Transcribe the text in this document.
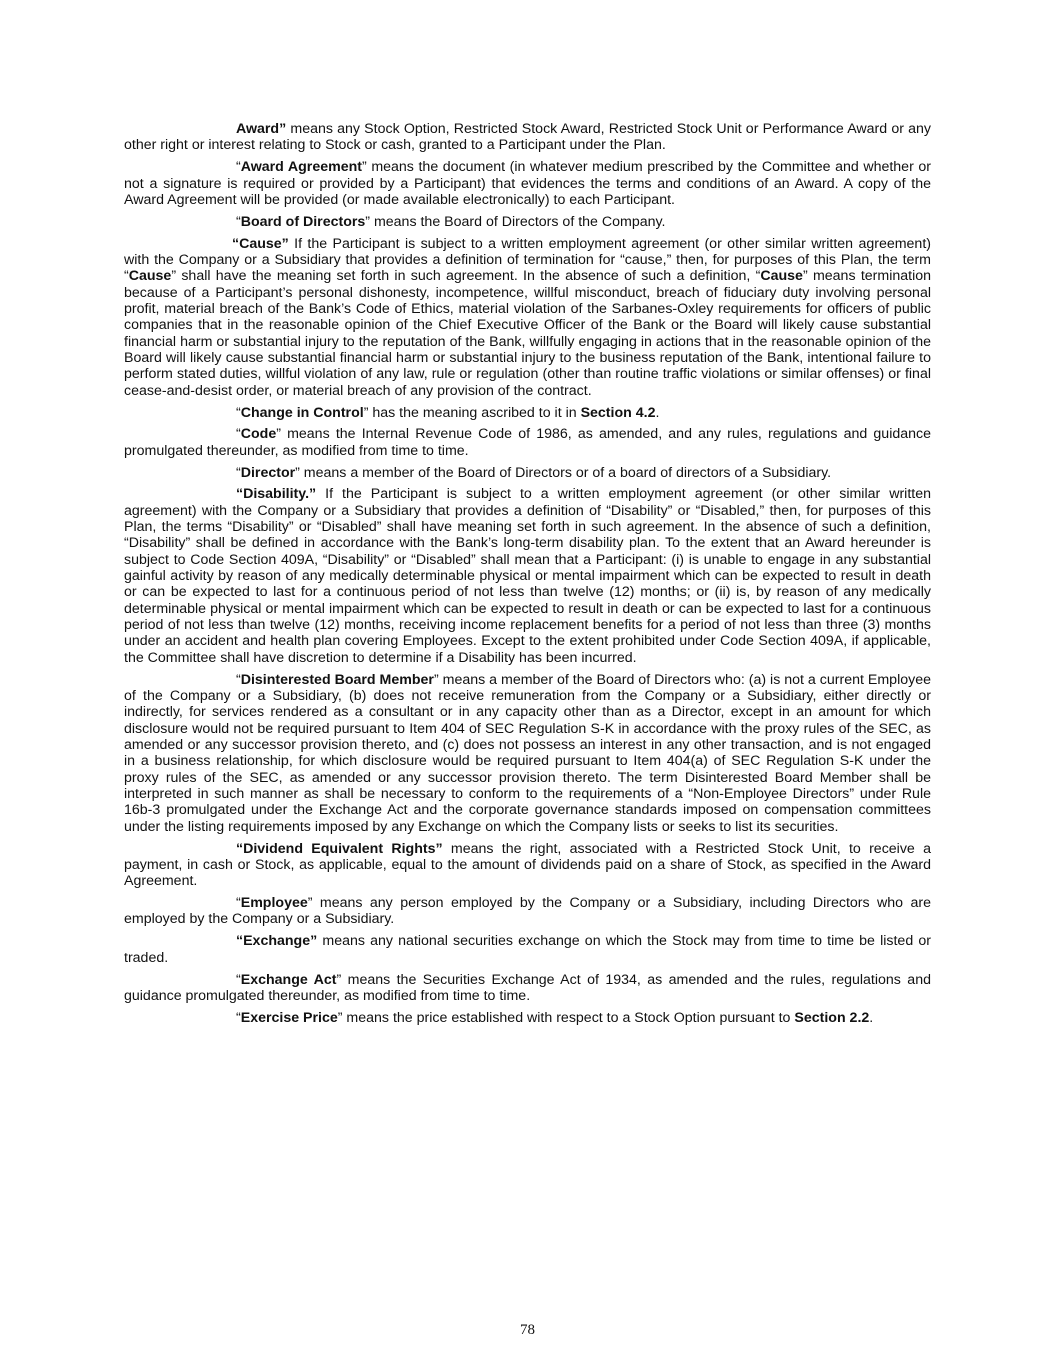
Award” means any Stock Option, Restricted Stock Award, Restricted Stock Unit or Performance Award or any other right or interest relating to Stock or cash, granted to a Participant under the Plan.

“Award Agreement” means the document (in whatever medium prescribed by the Committee and whether or not a signature is required or provided by a Participant) that evidences the terms and conditions of an Award. A copy of the Award Agreement will be provided (or made available electronically) to each Participant.

“Board of Directors” means the Board of Directors of the Company.

“Cause” If the Participant is subject to a written employment agreement (or other similar written agreement) with the Company or a Subsidiary that provides a definition of termination for “cause,” then, for purposes of this Plan, the term “Cause” shall have the meaning set forth in such agreement. In the absence of such a definition, “Cause” means termination because of a Participant’s personal dishonesty, incompetence, willful misconduct, breach of fiduciary duty involving personal profit, material breach of the Bank’s Code of Ethics, material violation of the Sarbanes-Oxley requirements for officers of public companies that in the reasonable opinion of the Chief Executive Officer of the Bank or the Board will likely cause substantial financial harm or substantial injury to the reputation of the Bank, willfully engaging in actions that in the reasonable opinion of the Board will likely cause substantial financial harm or substantial injury to the business reputation of the Bank, intentional failure to perform stated duties, willful violation of any law, rule or regulation (other than routine traffic violations or similar offenses) or final cease-and-desist order, or material breach of any provision of the contract.

“Change in Control” has the meaning ascribed to it in Section 4.2.

“Code” means the Internal Revenue Code of 1986, as amended, and any rules, regulations and guidance promulgated thereunder, as modified from time to time.

“Director” means a member of the Board of Directors or of a board of directors of a Subsidiary.

“Disability.” If the Participant is subject to a written employment agreement (or other similar written agreement) with the Company or a Subsidiary that provides a definition of “Disability” or “Disabled,” then, for purposes of this Plan, the terms “Disability” or “Disabled” shall have meaning set forth in such agreement. In the absence of such a definition, “Disability” shall be defined in accordance with the Bank’s long-term disability plan. To the extent that an Award hereunder is subject to Code Section 409A, “Disability” or “Disabled” shall mean that a Participant: (i) is unable to engage in any substantial gainful activity by reason of any medically determinable physical or mental impairment which can be expected to result in death or can be expected to last for a continuous period of not less than twelve (12) months; or (ii) is, by reason of any medically determinable physical or mental impairment which can be expected to result in death or can be expected to last for a continuous period of not less than twelve (12) months, receiving income replacement benefits for a period of not less than three (3) months under an accident and health plan covering Employees. Except to the extent prohibited under Code Section 409A, if applicable, the Committee shall have discretion to determine if a Disability has been incurred.

“Disinterested Board Member” means a member of the Board of Directors who: (a) is not a current Employee of the Company or a Subsidiary, (b) does not receive remuneration from the Company or a Subsidiary, either directly or indirectly, for services rendered as a consultant or in any capacity other than as a Director, except in an amount for which disclosure would not be required pursuant to Item 404 of SEC Regulation S-K in accordance with the proxy rules of the SEC, as amended or any successor provision thereto, and (c) does not possess an interest in any other transaction, and is not engaged in a business relationship, for which disclosure would be required pursuant to Item 404(a) of SEC Regulation S-K under the proxy rules of the SEC, as amended or any successor provision thereto. The term Disinterested Board Member shall be interpreted in such manner as shall be necessary to conform to the requirements of a “Non-Employee Directors” under Rule 16b-3 promulgated under the Exchange Act and the corporate governance standards imposed on compensation committees under the listing requirements imposed by any Exchange on which the Company lists or seeks to list its securities.

“Dividend Equivalent Rights” means the right, associated with a Restricted Stock Unit, to receive a payment, in cash or Stock, as applicable, equal to the amount of dividends paid on a share of Stock, as specified in the Award Agreement.

“Employee” means any person employed by the Company or a Subsidiary, including Directors who are employed by the Company or a Subsidiary.

“Exchange” means any national securities exchange on which the Stock may from time to time be listed or traded.

“Exchange Act” means the Securities Exchange Act of 1934, as amended and the rules, regulations and guidance promulgated thereunder, as modified from time to time.

“Exercise Price” means the price established with respect to a Stock Option pursuant to Section 2.2.

78
